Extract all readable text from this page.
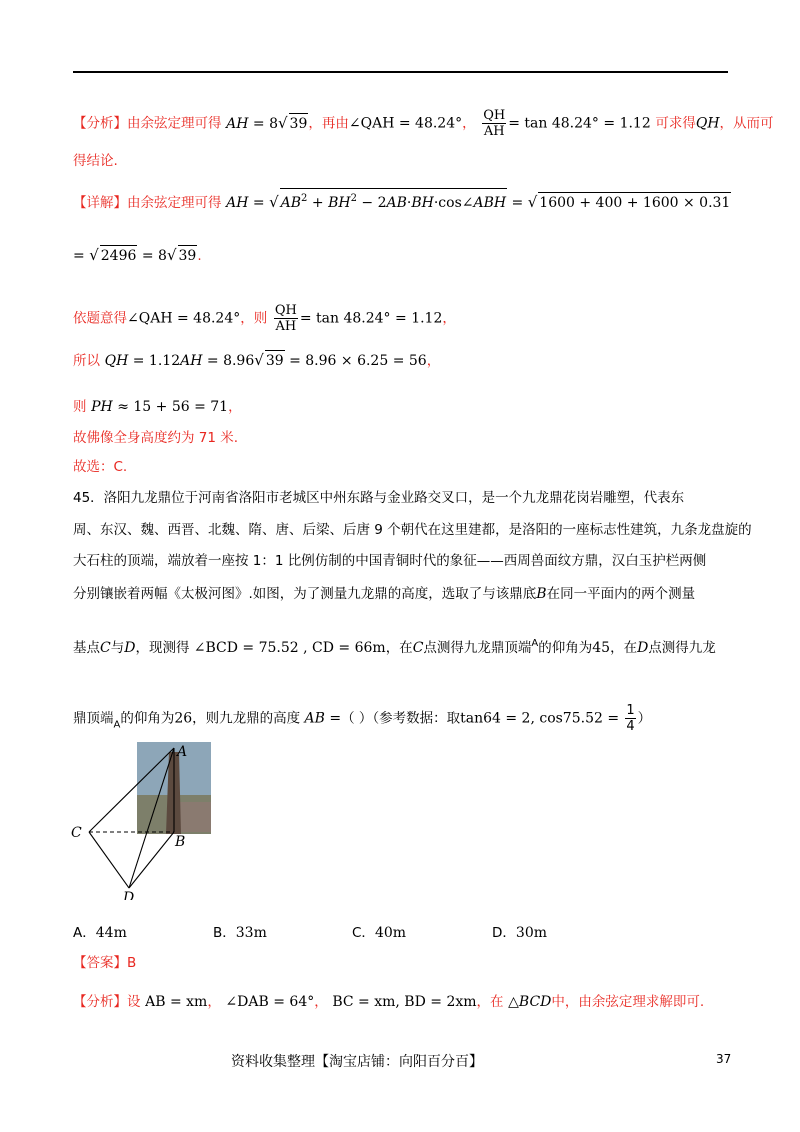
【分析】由余弦定理可得 AH = 8√ 39，再由∠QAH = 48.24°， $\frac{QH}{AH} = \tan 48.24^\circ = 1.12$ 可求得QH，从而可
得结论.
【详解】由余弦定理可得 AH = √ $AB^2 + BH^2$ − 2AB·BH·cos∠ABH = √ 1600 + 400 + 1600 × 0.31
= √ 2496 = 8√ 39.
依题意得∠QAH = 48.24°，则 $\frac{QH}{AH} = \tan 48.24^\circ = 1.12$，
所以 QH = 1.12AH = 8.96√ 39 = 8.96 × 6.25 = 56，
则 PH ≈ 15 + 56 = 71，
故佛像全身高度约为 71 米.
故选：C.
45．洛阳九龙鼎位于河南省洛阳市老城区中州东路与金业路交叉口，是一个九龙鼎花岗岩雕塑，代表东
周、东汉、魏、西晋、北魏、隋、唐、后梁、后唐 9 个朝代在这里建都，是洛阳的一座标志性建筑，九条龙盘旋的
大石柱的顶端，端放着一座按 1：1 比例仿制的中国青铜时代的象征——西周兽面纹方鼎，汉白玉护栏两侧
分别镶嵌着两幅《太极河图》.如图，为了测量九龙鼎的高度，选取了与该鼎底B在同一平面内的两个测量
基点C与D，现测得 ∠BCD = 75.52 , CD = 66m，在C点测得九龙鼎顶端$^A$的仰角为45，在D点测得九龙
鼎顶端$_A$的仰角为26，则九龙鼎的高度 AB =（ ）（参考数据：取tan64 = 2, $\cos 75.52 = \frac{1}{4}$ ）
A
B
C
D
A．44m	B．33m	C．40m	D．30m
【答案】B
【分析】设 AB = xm， ∠DAB = 64°， BC = xm, BD = 2xm，在 △BCD中，由余弦定理求解即可.
资料收集整理【淘宝店铺：向阳百分百】	37
